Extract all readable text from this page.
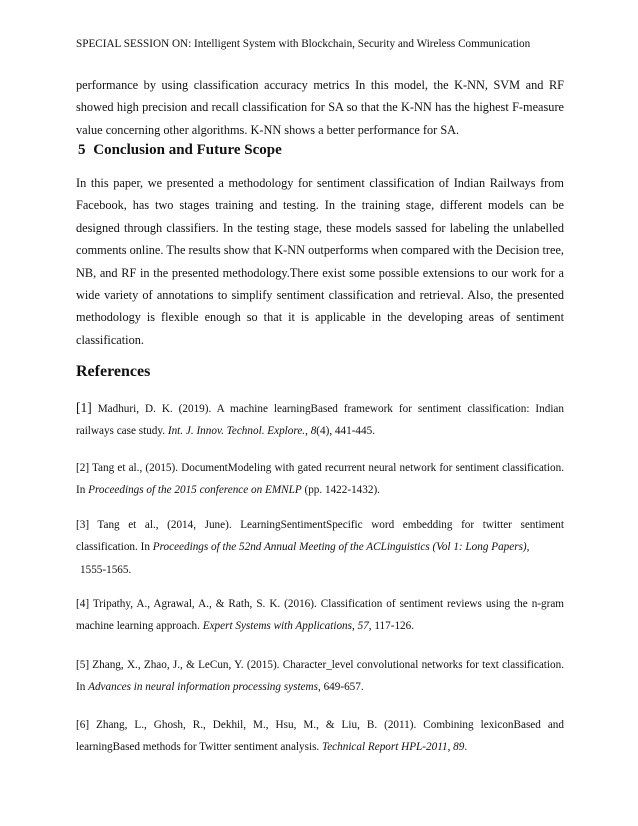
SPECIAL SESSION ON: Intelligent System with Blockchain, Security and Wireless Communication
performance by using classification accuracy metrics In this model, the K-NN, SVM and RF showed high precision and recall classification for SA so that the K-NN has the highest F-measure value concerning other algorithms. K-NN shows a better performance for SA.
5 Conclusion and Future Scope
In this paper, we presented a methodology for sentiment classification of Indian Railways from Facebook, has two stages training and testing. In the training stage, different models can be designed through classifiers. In the testing stage, these models sassed for labeling the unlabelled comments online. The results show that K-NN outperforms when compared with the Decision tree, NB, and RF in the presented methodology.There exist some possible extensions to our work for a wide variety of annotations to simplify sentiment classification and retrieval. Also, the presented methodology is flexible enough so that it is applicable in the developing areas of sentiment classification.
References
[1] Madhuri, D. K. (2019). A machine learningBased framework for sentiment classification: Indian railways case study. Int. J. Innov. Technol. Explore., 8(4), 441-445.
[2] Tang et al., (2015). DocumentModeling with gated recurrent neural network for sentiment classification. In Proceedings of the 2015 conference on EMNLP (pp. 1422-1432).
[3] Tang et al., (2014, June). LearningSentimentSpecific word embedding for twitter sentiment classification. In Proceedings of the 52nd Annual Meeting of the ACLinguistics (Vol 1: Long Papers),
1555-1565.
[4] Tripathy, A., Agrawal, A., & Rath, S. K. (2016). Classification of sentiment reviews using the n-gram machine learning approach. Expert Systems with Applications, 57, 117-126.
[5] Zhang, X., Zhao, J., & LeCun, Y. (2015). Character_level convolutional networks for text classification. In Advances in neural information processing systems, 649-657.
[6] Zhang, L., Ghosh, R., Dekhil, M., Hsu, M., & Liu, B. (2011). Combining lexiconBased and learningBased methods for Twitter sentiment analysis. Technical Report HPL-2011, 89.
